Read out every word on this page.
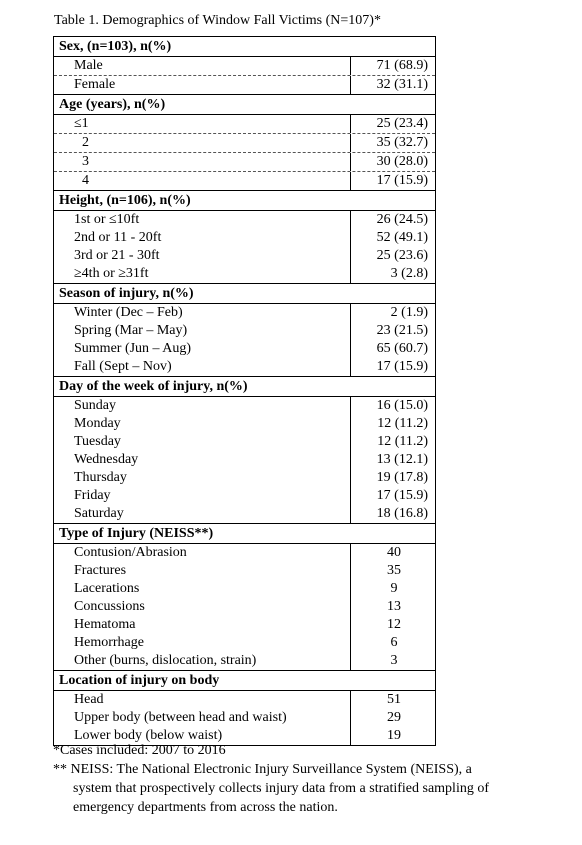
Table 1. Demographics of Window Fall Victims (N=107)*
Sex, (n=103), n(%)
Male	71 (68.9)
Female	32 (31.1)
Age (years), n(%)
≤1	25 (23.4)
2	35 (32.7)
3	30 (28.0)
4	17 (15.9)
Height, (n=106), n(%)
1st or ≤10ft	26 (24.5)
2nd or 11 - 20ft	52 (49.1)
3rd or 21 - 30ft	25 (23.6)
≥4th or ≥31ft	3 (2.8)
Season of injury, n(%)
Winter (Dec – Feb)	2 (1.9)
Spring (Mar – May)	23 (21.5)
Summer (Jun – Aug)	65 (60.7)
Fall (Sept – Nov)	17 (15.9)
Day of the week of injury, n(%)
Sunday	16 (15.0)
Monday	12 (11.2)
Tuesday	12 (11.2)
Wednesday	13 (12.1)
Thursday	19 (17.8)
Friday	17 (15.9)
Saturday	18 (16.8)
Type of Injury (NEISS**)
Contusion/Abrasion	40
Fractures	35
Lacerations	9
Concussions	13
Hematoma	12
Hemorrhage	6
Other (burns, dislocation, strain)	3
Location of injury on body
Head	51
Upper body (between head and waist)	29
Lower body (below waist)	19
*Cases included: 2007 to 2016
** NEISS: The National Electronic Injury Surveillance System (NEISS), a
system that prospectively collects injury data from a stratified sampling of
emergency departments from across the nation.
